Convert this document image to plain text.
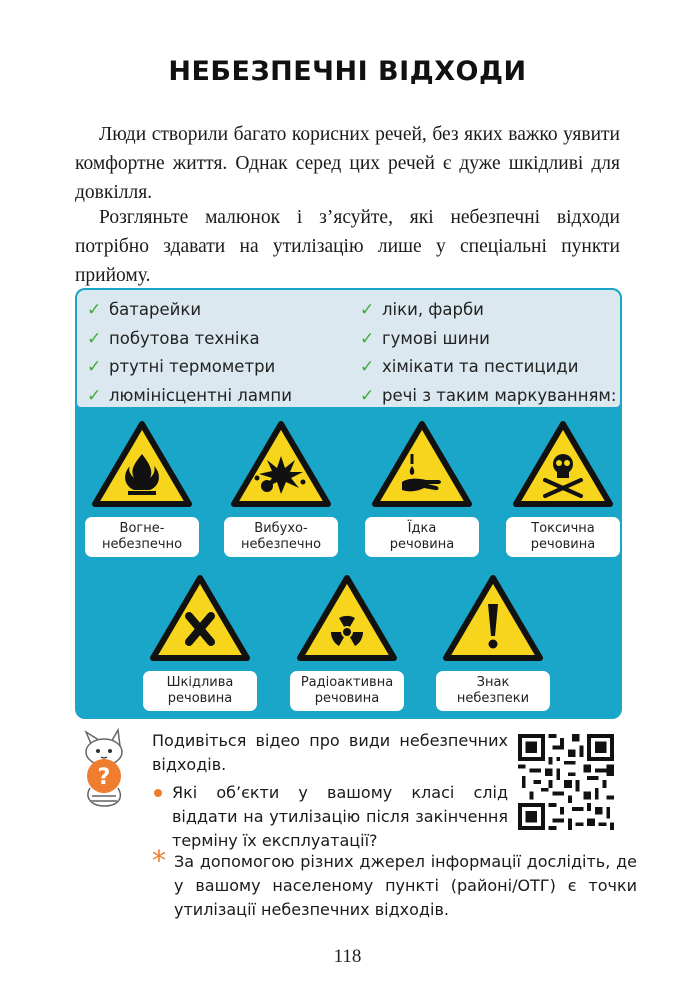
НЕБЕЗПЕЧНІ ВІДХОДИ

Люди створили багато корисних речей, без яких важко уявити комфортне життя. Однак серед цих речей є дуже шкідливі для довкілля.

Розгляньте малюнок і з’ясуйте, які небезпечні відходи потрібно здавати на утилізацію лише у спеціальні пункти прийому.

✓ батарейки
✓ побутова техніка
✓ ртутні термометри
✓ люмінісцентні лампи
✓ ліки, фарби
✓ гумові шини
✓ хімікати та пестициди
✓ речі з таким маркуванням:
Вогне-
небезпечно
Вибухо-
небезпечно
Їдка
речовина
Токсична
речовина
Шкідлива
речовина
Радіоактивна
речовина
Знак
небезпеки
?

Подивіться відео про види небезпечних відходів.

Які об’єкти у вашому класі слід віддати на утилізацію після закінчення терміну їх експлуатації?

* За допомогою різних джерел інформації дослідіть, де у вашому населеному пункті (районі/ОТГ) є точки утилізації небезпечних відходів.

118
